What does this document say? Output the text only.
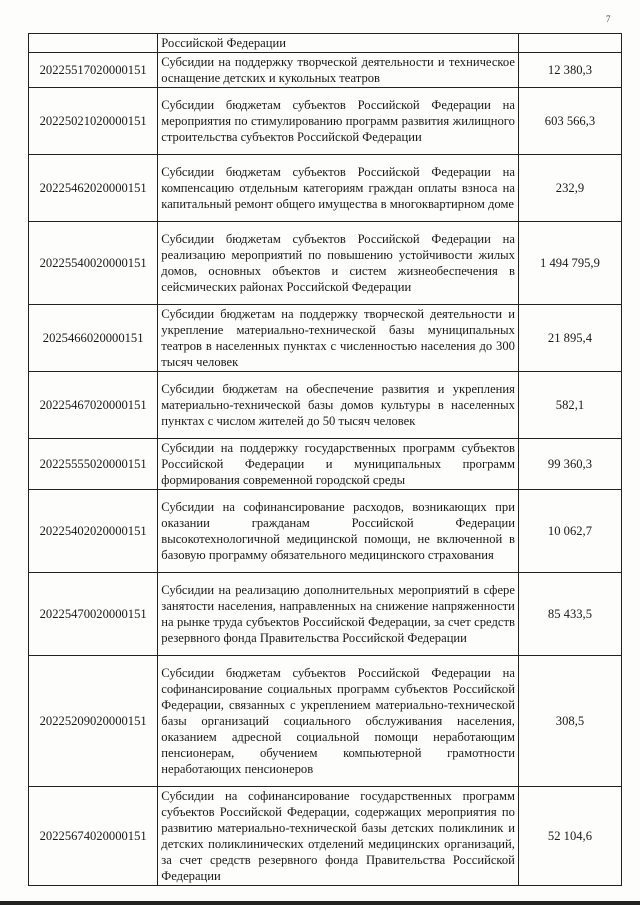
7
	Российской Федерации	
20225517020000151	Субсидии на поддержку творческой деятельности и техническое оснащение детских и кукольных театров	12 380,3
20225021020000151	Субсидии бюджетам субъектов Российской Федерации на мероприятия по стимулированию программ развития жилищного строительства субъектов Российской Федерации	603 566,3
20225462020000151	Субсидии бюджетам субъектов Российской Федерации на компенсацию отдельным категориям граждан оплаты взноса на капитальный ремонт общего имущества в многоквартирном доме	232,9
20225540020000151	Субсидии бюджетам субъектов Российской Федерации на реализацию мероприятий по повышению устойчивости жилых домов, основных объектов и систем жизнеобеспечения в сейсмических районах Российской Федерации	1 494 795,9
2025466020000151	Субсидии бюджетам на поддержку творческой деятельности и укрепление материально-технической базы муниципальных театров в населенных пунктах с численностью населения до 300 тысяч человек	21 895,4
20225467020000151	Субсидии бюджетам на обеспечение развития и укрепления материально-технической базы домов культуры в населенных пунктах с числом жителей до 50 тысяч человек	582,1
20225555020000151	Субсидии на поддержку государственных программ субъектов Российской Федерации и муниципальных программ формирования современной городской среды	99 360,3
20225402020000151	Субсидии на софинансирование расходов, возникающих при оказании гражданам Российской Федерации высокотехнологичной медицинской помощи, не включенной в базовую программу обязательного медицинского страхования	10 062,7
20225470020000151	Субсидии на реализацию дополнительных мероприятий в сфере занятости населения, направленных на снижение напряженности на рынке труда субъектов Российской Федерации, за счет средств резервного фонда Правительства Российской Федерации	85 433,5
20225209020000151	Субсидии бюджетам субъектов Российской Федерации на софинансирование социальных программ субъектов Российской Федерации, связанных с укреплением материально-технической базы организаций социального обслуживания населения, оказанием адресной социальной помощи неработающим пенсионерам, обучением компьютерной грамотности неработающих пенсионеров	308,5
20225674020000151	Субсидии на софинансирование государственных программ субъектов Российской Федерации, содержащих мероприятия по развитию материально-технической базы детских поликлиник и детских поликлинических отделений медицинских организаций, за счет средств резервного фонда Правительства Российской Федерации	52 104,6
